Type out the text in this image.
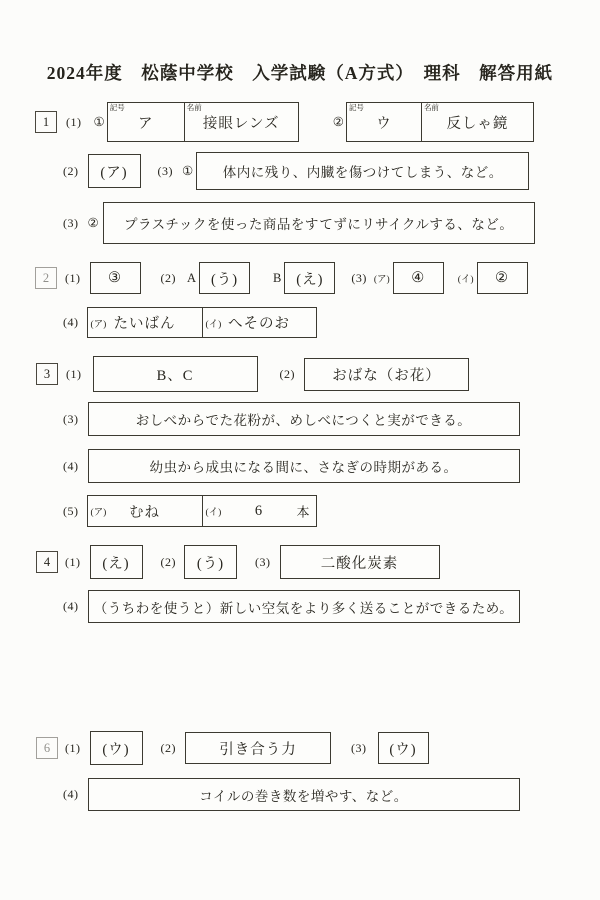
2024年度　松蔭中学校　入学試験（A方式）　理科　解答用紙
1	(1) ①
記号
ア
名前
接眼レンズ	②
記号
ウ
名前
反しゃ鏡
(2) (ア) (3) ① 体内に残り、内臓を傷つけてしまう、など。
(3) ② プラスチックを使った商品をすてずにリサイクルする、など。
2	(1) ③	(2) A (う)	B (え) (3) (ア) ④	(イ) ②
(4) (ア) たいばん	(イ) へそのお
3	(1)	B、C	(2)	おばな（お花）
(3)	おしべからでた花粉が、めしべにつくと実ができる。
(4)	幼虫から成虫になる間に、さなぎの時期がある。
(5) (ア) むね	(イ) 6	本
4	(1) (え)	(2) (う)	(3)	二酸化炭素
(4) （うちわを使うと）新しい空気をより多く送ることができるため。
6	(1) (ウ)	(2)	引き合う力	(3) (ウ)
(4)	コイルの巻き数を増やす、など。
